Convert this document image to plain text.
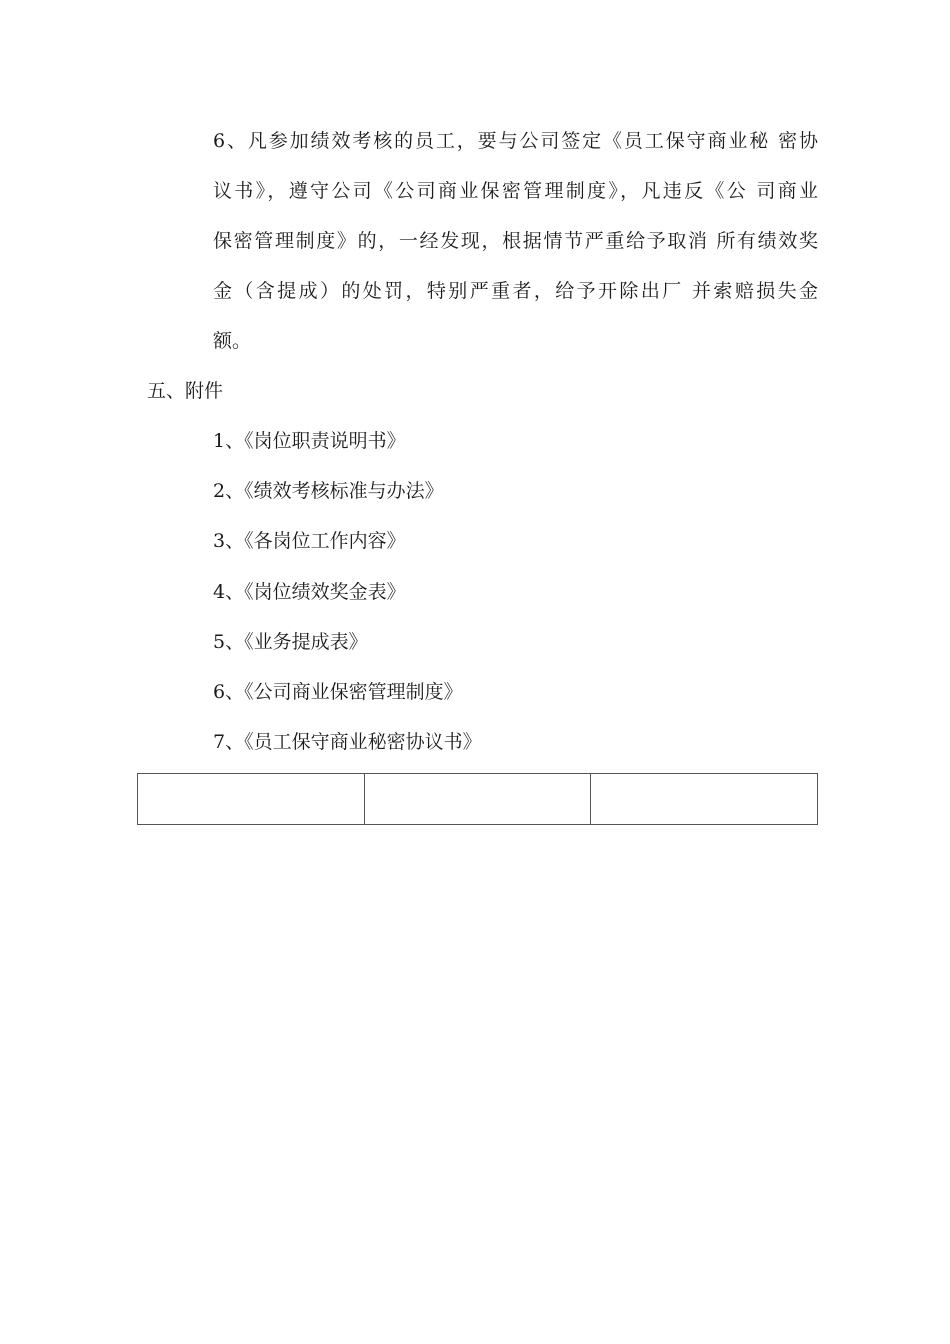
6、凡参加绩效考核的员工，要与公司签定《员工保守商业秘 密协
议书》，遵守公司《公司商业保密管理制度》，凡违反《公 司商业
保密管理制度》的，一经发现，根据情节严重给予取消 所有绩效奖
金（含提成）的处罚，特别严重者，给予开除出厂 并索赔损失金
额。
五、附件
1、《岗位职责说明书》
2、《绩效考核标准与办法》
3、《各岗位工作内容》
4、《岗位绩效奖金表》
5、《业务提成表》
6、《公司商业保密管理制度》
7、《员工保守商业秘密协议书》
